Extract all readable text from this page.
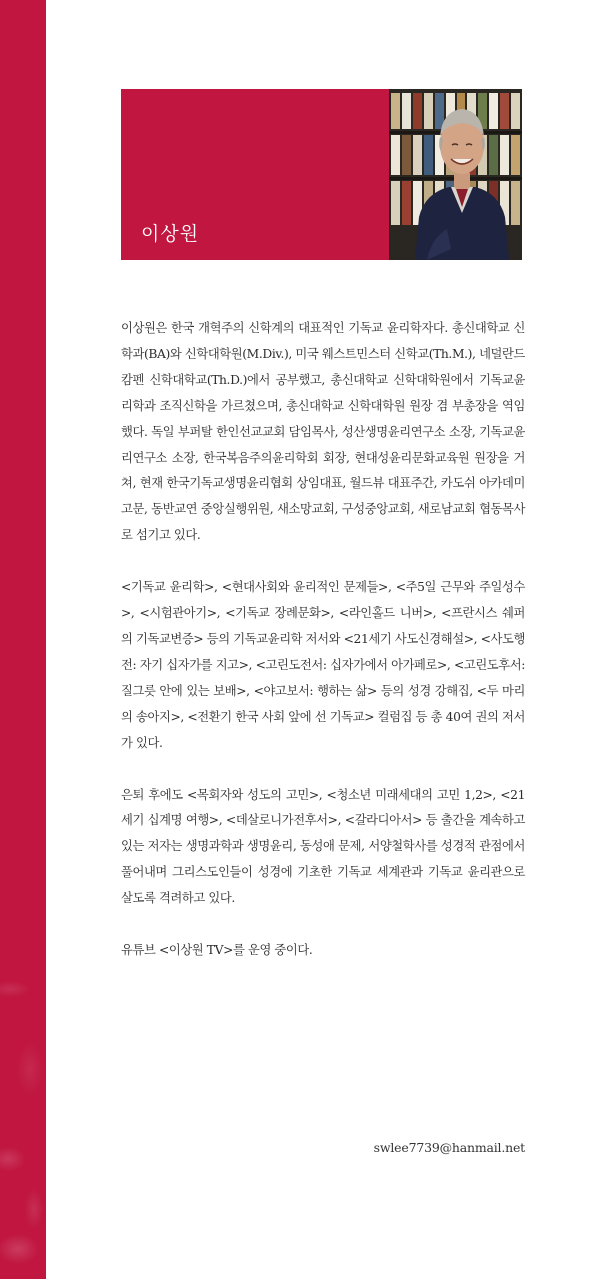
이상원

이상원은 한국 개혁주의 신학계의 대표적인 기독교 윤리학자다. 총신대학교 신학과(BA)와 신학대학원(M.Div.), 미국 웨스트민스터 신학교(Th.M.), 네덜란드 캄펜 신학대학교(Th.D.)에서 공부했고, 총신대학교 신학대학원에서 기독교윤리학과 조직신학을 가르쳤으며, 총신대학교 신학대학원 원장 겸 부총장을 역임했다. 독일 부퍼탈 한인선교교회 담임목사, 성산생명윤리연구소 소장, 기독교윤리연구소 소장, 한국복음주의윤리학회 회장, 현대성윤리문화교육원 원장을 거쳐, 현재 한국기독교생명윤리협회 상임대표, 월드뷰 대표주간, 카도쉬 아카데미 고문, 동반교연 중앙실행위원, 새소망교회, 구성중앙교회, 새로남교회 협동목사로 섬기고 있다.

<기독교 윤리학>, <현대사회와 윤리적인 문제들>, <주5일 근무와 주일성수>, <시험관아기>, <기독교 장례문화>, <라인홀드 니버>, <프란시스 쉐퍼의 기독교변증> 등의 기독교윤리학 저서와 <21세기 사도신경해설>, <사도행전: 자기 십자가를 지고>, <고린도전서: 십자가에서 아가페로>, <고린도후서: 질그릇 안에 있는 보배>, <야고보서: 행하는 삶> 등의 성경 강해집, <두 마리의 송아지>, <전환기 한국 사회 앞에 선 기독교> 컬럼집 등 총 40여 권의 저서가 있다.

은퇴 후에도 <목회자와 성도의 고민>, <청소년 미래세대의 고민 1,2>, <21세기 십계명 여행>, <데살로니가전후서>, <갈라디아서> 등 출간을 계속하고 있는 저자는 생명과학과 생명윤리, 동성애 문제, 서양철학사를 성경적 관점에서 풀어내며 그리스도인들이 성경에 기초한 기독교 세계관과 기독교 윤리관으로 살도록 격려하고 있다.

유튜브 <이상원 TV>를 운영 중이다.

swlee7739@hanmail.net
